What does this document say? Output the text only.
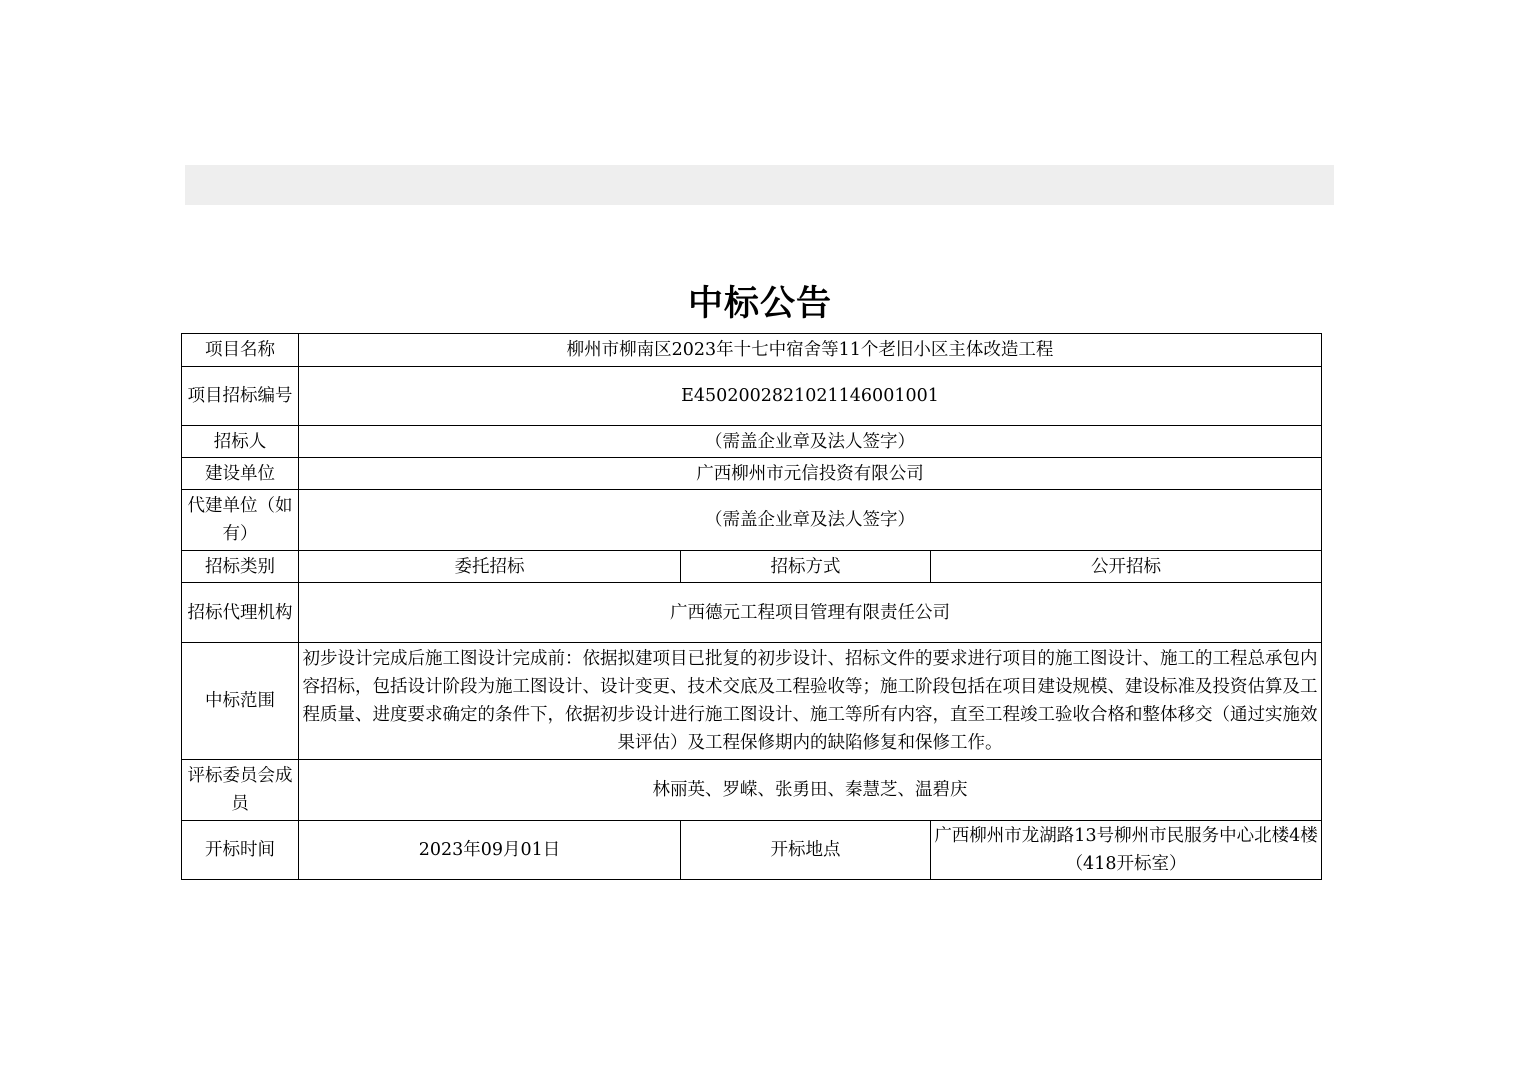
中标公告
项目名称	柳州市柳南区2023年十七中宿舍等11个老旧小区主体改造工程		
项目招标编号	E4502002821021146001001		
招标人	（需盖企业章及法人签字）		
建设单位	广西柳州市元信投资有限公司		
代建单位（如有）	（需盖企业章及法人签字）		
招标类别	委托招标	招标方式	公开招标
招标代理机构	广西德元工程项目管理有限责任公司		
中标范围	初步设计完成后施工图设计完成前：依据拟建项目已批复的初步设计、招标文件的要求进行项目的施工图设计、施工的工程总承包内容招标，包括设计阶段为施工图设计、设计变更、技术交底及工程验收等；施工阶段包括在项目建设规模、建设标准及投资估算及工程质量、进度要求确定的条件下，依据初步设计进行施工图设计、施工等所有内容，直至工程竣工验收合格和整体移交（通过实施效果评估）及工程保修期内的缺陷修复和保修工作。		
评标委员会成员	林丽英、罗嵘、张勇田、秦慧芝、温碧庆		
开标时间	2023年09月01日	开标地点	广西柳州市龙湖路13号柳州市民服务中心北楼4楼（418开标室）
